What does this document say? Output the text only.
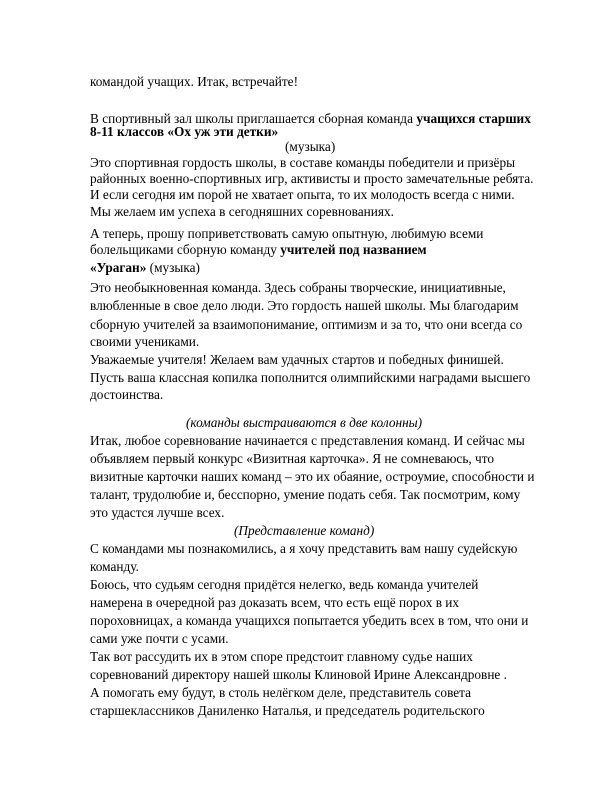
командой учащих. Итак, встречайте!
В спортивный зал школы приглашается сборная команда учащихся старших
8-11 классов «Ох уж эти детки»
(музыка)
Это спортивная гордость школы, в составе команды победители и призёры
районных военно-спортивных игр, активисты и просто замечательные ребята.
И если сегодня им порой не хватает опыта, то их молодость всегда с ними.
Мы желаем им успеха в сегодняшних соревнованиях.
А теперь, прошу поприветствовать самую опытную, любимую всеми
болельщиками сборную команду учителей под названием
«Ураган» (музыка)
Это необыкновенная команда. Здесь собраны творческие, инициативные,
влюбленные в свое дело люди. Это гордость нашей школы. Мы благодарим
сборную учителей за взаимопонимание, оптимизм и за то, что они всегда со
своими учениками.
Уважаемые учителя! Желаем вам удачных стартов и победных финишей.
Пусть ваша классная копилка пополнится олимпийскими наградами высшего
достоинства.
(команды выстраиваются в две колонны)
Итак, любое соревнование начинается с представления команд. И сейчас мы
объявляем первый конкурс «Визитная карточка». Я не сомневаюсь, что
визитные карточки наших команд – это их обаяние, остроумие, способности и
талант, трудолюбие и, бесспорно, умение подать себя. Так посмотрим, кому
это удастся лучше всех.
(Представление команд)
С командами мы познакомились, а я хочу представить вам нашу судейскую
команду.
Боюсь, что судьям сегодня придётся нелегко, ведь команда учителей
намерена в очередной раз доказать всем, что есть ещё порох в их
пороховницах, а команда учащихся попытается убедить всех в том, что они и
сами уже почти с усами.
Так вот рассудить их в этом споре предстоит главному судье наших
соревнований директору нашей школы Клиновой Ирине Александровне .
А помогать ему будут, в столь нелёгком деле, представитель совета
старшеклассников Даниленко Наталья, и председатель родительского
